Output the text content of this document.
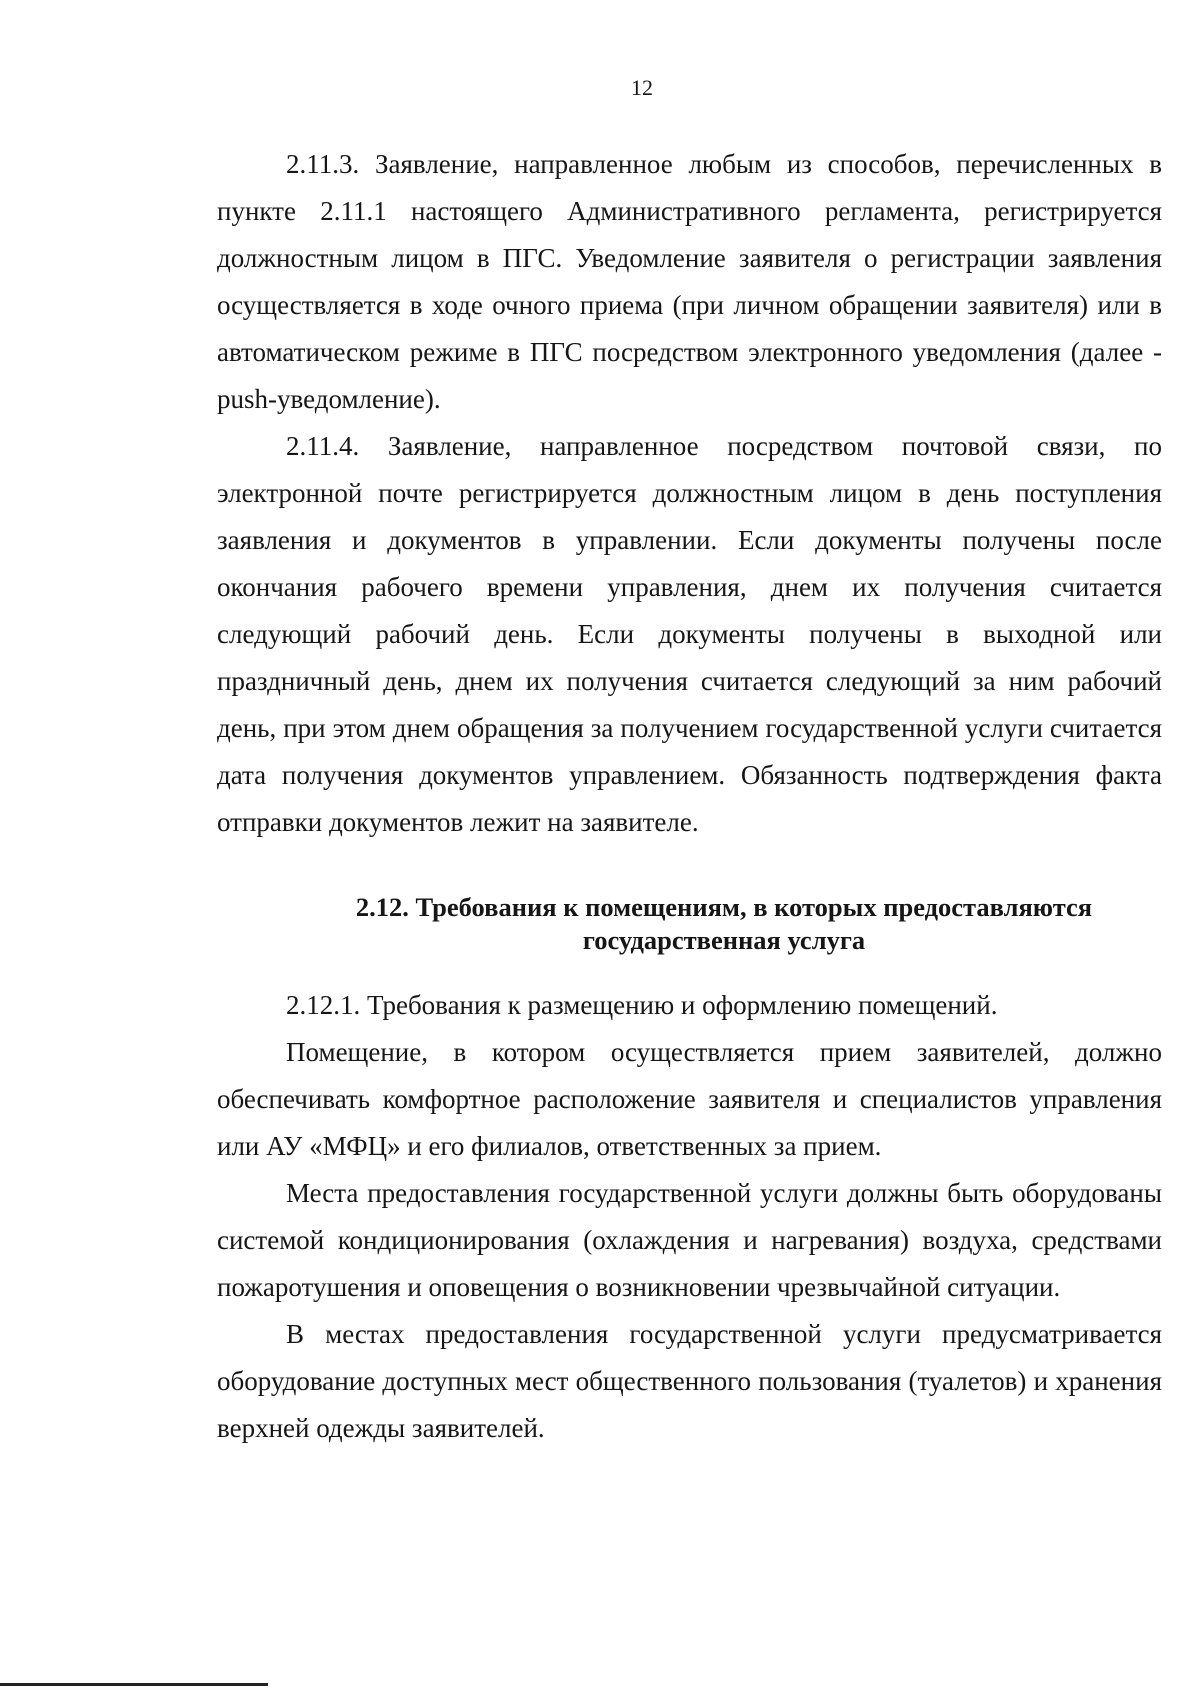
12

2.11.3. Заявление, направленное любым из способов, перечисленных в пункте 2.11.1 настоящего Административного регламента, регистрируется должностным лицом в ПГС. Уведомление заявителя о регистрации заявления осуществляется в ходе очного приема (при личном обращении заявителя) или в автоматическом режиме в ПГС посредством электронного уведомления (далее - push-уведомление).

2.11.4. Заявление, направленное посредством почтовой связи, по электронной почте регистрируется должностным лицом в день поступления заявления и документов в управлении. Если документы получены после окончания рабочего времени управления, днем их получения считается следующий рабочий день. Если документы получены в выходной или праздничный день, днем их получения считается следующий за ним рабочий день, при этом днем обращения за получением государственной услуги считается дата получения документов управлением. Обязанность подтверждения факта отправки документов лежит на заявителе.

2.12. Требования к помещениям, в которых предоставляются
государственная услуга

2.12.1. Требования к размещению и оформлению помещений.

Помещение, в котором осуществляется прием заявителей, должно обеспечивать комфортное расположение заявителя и специалистов управления или АУ «МФЦ» и его филиалов, ответственных за прием.

Места предоставления государственной услуги должны быть оборудованы системой кондиционирования (охлаждения и нагревания) воздуха, средствами пожаротушения и оповещения о возникновении чрезвычайной ситуации.

В местах предоставления государственной услуги предусматривается оборудование доступных мест общественного пользования (туалетов) и хранения верхней одежды заявителей.
